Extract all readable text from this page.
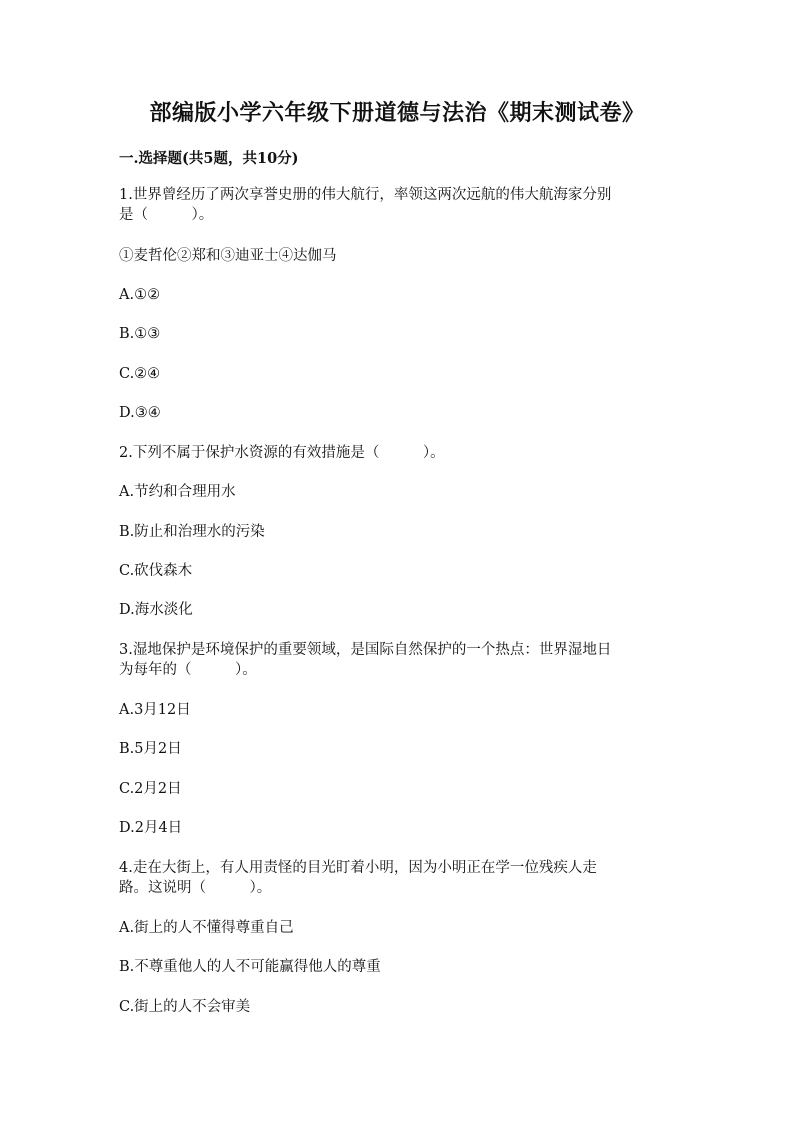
部编版小学六年级下册道德与法治《期末测试卷》
一.选择题(共5题，共10分)
1.世界曾经历了两次享誉史册的伟大航行，率领这两次远航的伟大航海家分别
是（　　　）。
①麦哲伦②郑和③迪亚士④达伽马
A.①②
B.①③
C.②④
D.③④
2.下列不属于保护水资源的有效措施是（　　　）。
A.节约和合理用水
B.防止和治理水的污染
C.砍伐森木
D.海水淡化
3.湿地保护是环境保护的重要领域，是国际自然保护的一个热点：世界湿地日
为每年的（　　　）。
A.3月12日
B.5月2日
C.2月2日
D.2月4日
4.走在大街上，有人用责怪的目光盯着小明，因为小明正在学一位残疾人走
路。这说明（　　　）。
A.街上的人不懂得尊重自己
B.不尊重他人的人不可能赢得他人的尊重
C.街上的人不会审美
